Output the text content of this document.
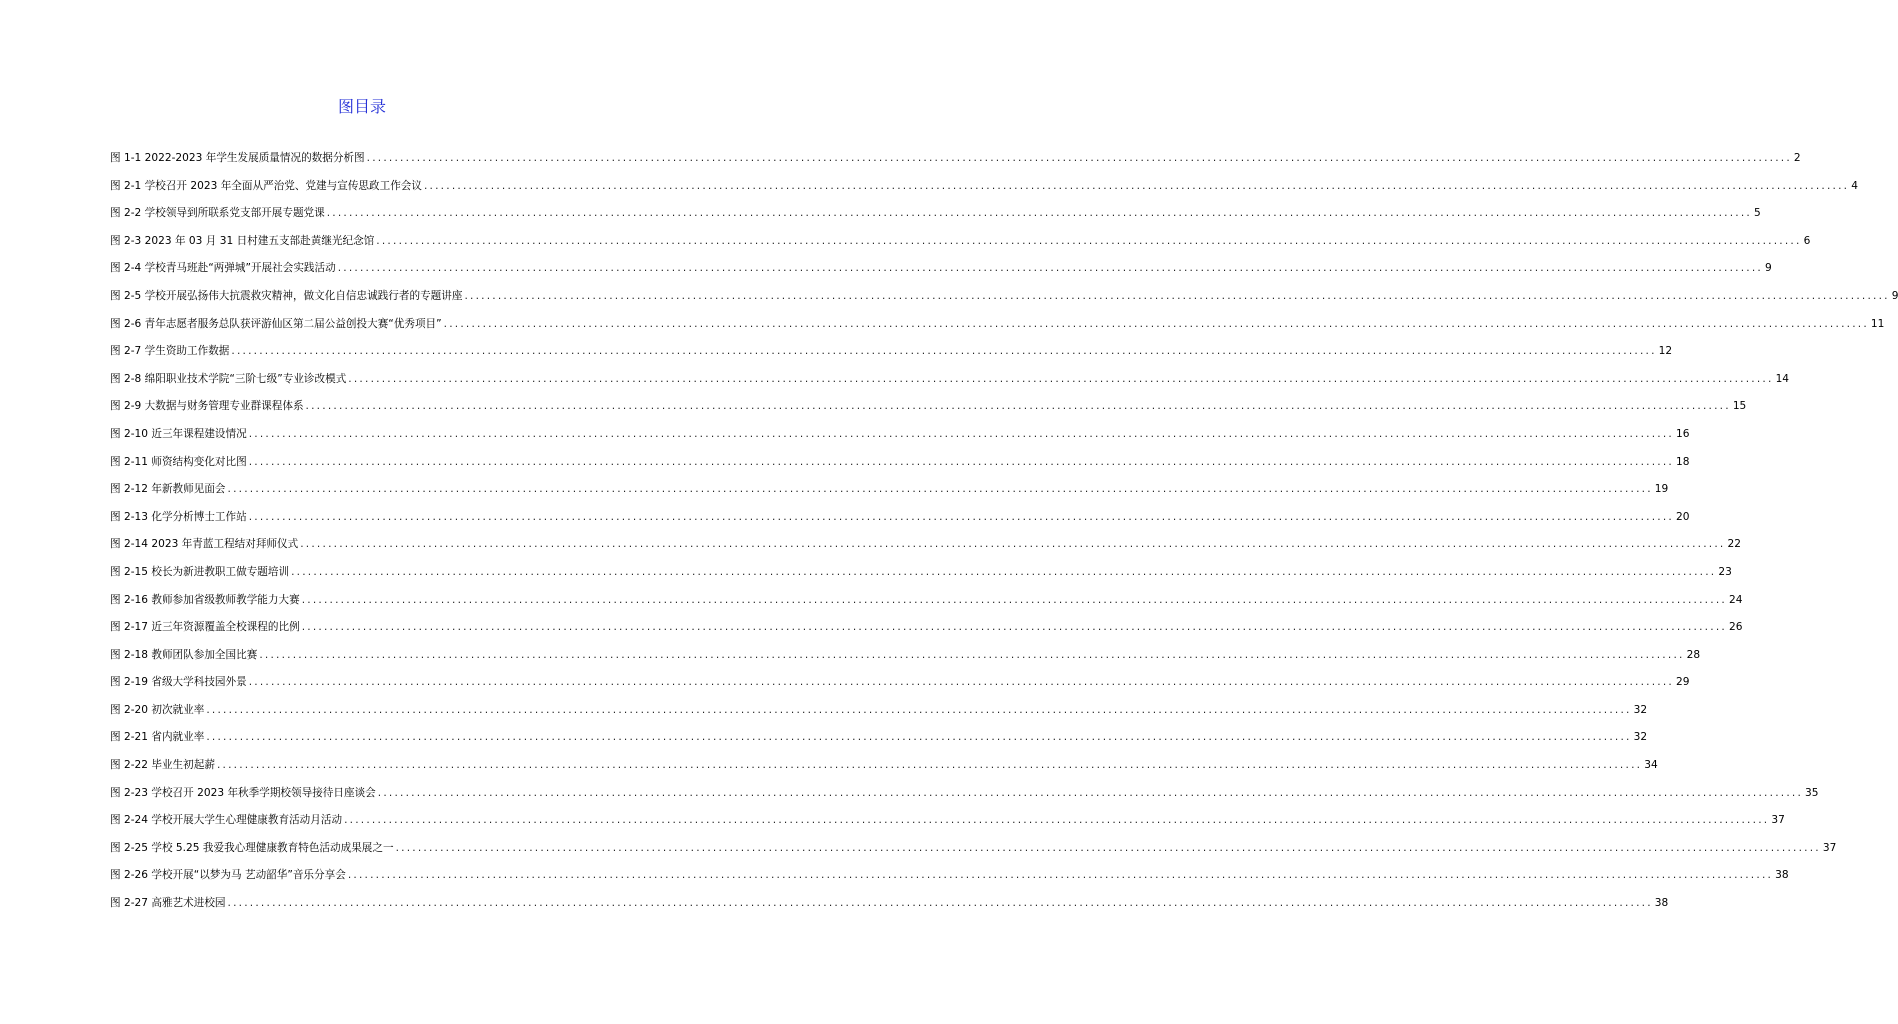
图目录
图 1-1 2022-2023 年学生发展质量情况的数据分析图 .....	2
图 2-1 学校召开 2023 年全面从严治党、党建与宣传思政工作会议 .....	4
图 2-2 学校领导到所联系党支部开展专题党课 .....	5
图 2-3 2023 年 03 月 31 日村建五支部赴黄继光纪念馆 .....	6
图 2-4 学校青马班赴“两弹城”开展社会实践活动 .....	9
图 2-5 学校开展弘扬伟大抗震救灾精神，做文化自信忠诚践行者的专题讲座 .....	9
图 2-6 青年志愿者服务总队获评游仙区第二届公益创投大赛“优秀项目” .....	11
图 2-7 学生资助工作数据 .....	12
图 2-8 绵阳职业技术学院“三阶七级”专业诊改模式 .....	14
图 2-9 大数据与财务管理专业群课程体系 .....	15
图 2-10 近三年课程建设情况 .....	16
图 2-11 师资结构变化对比图 .....	18
图 2-12 年新教师见面会 .....	19
图 2-13 化学分析博士工作站 .....	20
图 2-14 2023 年青蓝工程结对拜师仪式 .....	22
图 2-15 校长为新进教职工做专题培训 .....	23
图 2-16 教师参加省级教师教学能力大赛 .....	24
图 2-17 近三年资源覆盖全校课程的比例 .....	26
图 2-18 教师团队参加全国比赛 .....	28
图 2-19 省级大学科技园外景 .....	29
图 2-20 初次就业率 .....	32
图 2-21 省内就业率 .....	32
图 2-22 毕业生初起薪 .....	34
图 2-23 学校召开 2023 年秋季学期校领导接待日座谈会 .....	35
图 2-24 学校开展大学生心理健康教育活动月活动 .....	37
图 2-25 学校 5.25 我爱我心理健康教育特色活动成果展之一 .....	37
图 2-26 学校开展“以梦为马 艺动韶华”音乐分享会 .....	38
图 2-27 高雅艺术进校园 .....	38
